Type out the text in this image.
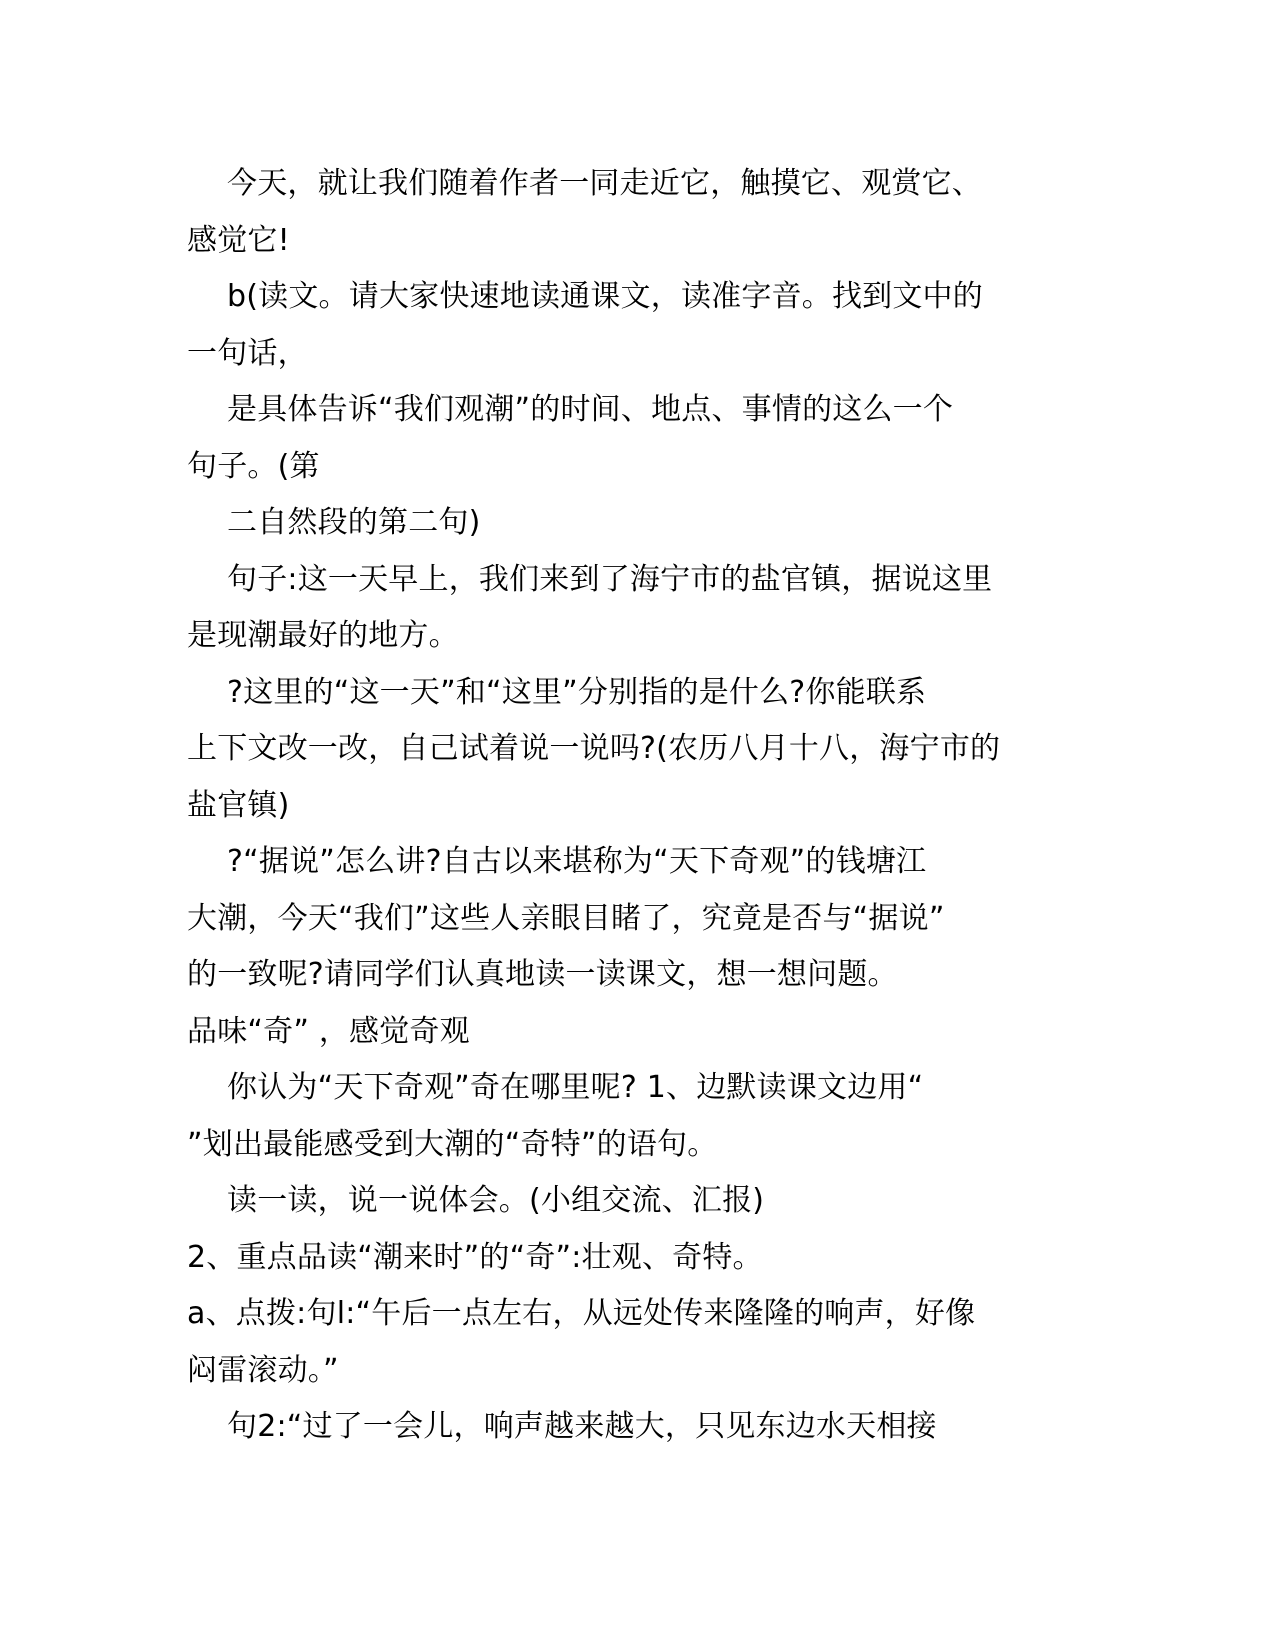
今天，就让我们随着作者一同走近它，触摸它、观赏它、
感觉它!
b(读文。请大家快速地读通课文，读准字音。找到文中的
一句话，
是具体告诉“我们观潮”的时间、地点、事情的这么一个
句子。(第
二自然段的第二句)
句子:这一天早上，我们来到了海宁市的盐官镇，据说这里
是现潮最好的地方。
?这里的“这一天”和“这里”分别指的是什么?你能联系
上下文改一改，自己试着说一说吗?(农历八月十八，海宁市的
盐官镇)
?“据说”怎么讲?自古以来堪称为“天下奇观”的钱塘江
大潮，今天“我们”这些人亲眼目睹了，究竟是否与“据说”
的一致呢?请同学们认真地读一读课文，想一想问题。
品味“奇” ，感觉奇观
你认为“天下奇观”奇在哪里呢? 1、边默读课文边用“
”划出最能感受到大潮的“奇特”的语句。
读一读，说一说体会。(小组交流、汇报)
2、重点品读“潮来时”的“奇”:壮观、奇特。
a、点拨:句l:“午后一点左右，从远处传来隆隆的响声，好像
闷雷滚动。”
句2:“过了一会儿，响声越来越大，只见东边水天相接
